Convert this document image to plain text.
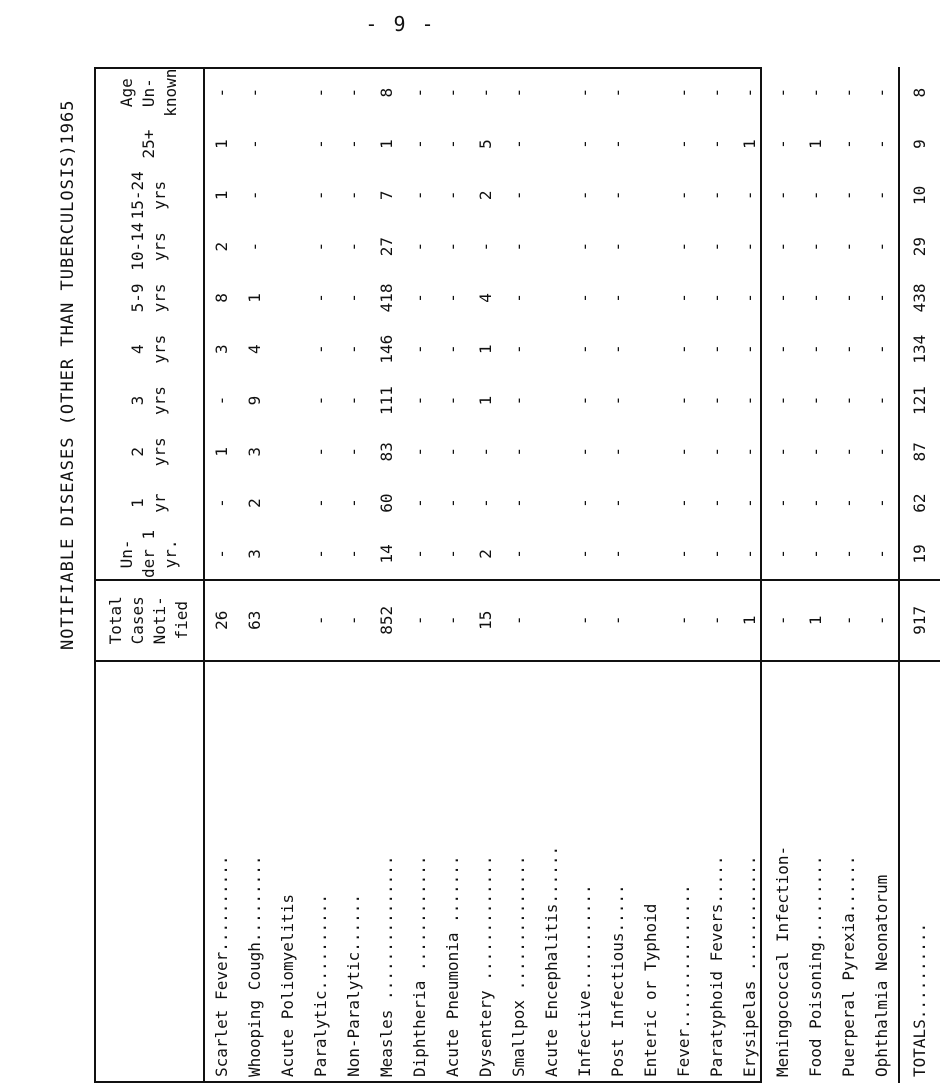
- 9 -
	Total
Cases
Noti-
fied	Un-
der 1
yr.	1
yr	2
yrs	3
yrs	4
yrs	5-9
yrs	10-14
yrs	15-24
yrs	25+	Age Un-
known
Scarlet Fever..........	26	-	-	1	-	3	8	2	1	1	-
Whooping Cough.........	63	3	2	3	9	4	1	-	-	-	-
Acute Poliomyelitis											
Paralytic..........	-	-	-	-	-	-	-	-	-	-	-
Non-Paralytic......	-	-	-	-	-	-	-	-	-	-	-
Measles ...............	852	14	60	83	111	146	418	27	7	1	8
Diphtheria ............	-	-	-	-	-	-	-	-	-	-	-
Acute Pneumonia .......	-	-	-	-	-	-	-	-	-	-	-
Dysentery .............	15	2	-	-	1	1	4	-	2	5	-
Smallpox ..............	-	-	-	-	-	-	-	-	-	-	-
Acute Encephalitis......											
Infective...........	-	-	-	-	-	-	-	-	-	-	-
Post Infectious.....	-	-	-	-	-	-	-	-	-	-	-
Enteric or Typhoid											
Fever...............	-	-	-	-	-	-	-	-	-	-	-
Paratyphoid Fevers.....	-	-	-	-	-	-	-	-	-	-	-
Erysipelas ............	1	-	-	-	-	-	-	-	-	1	-
Meningococcal Infection-	-	-	-	-	-	-	-	-	-	-	-
Food Poisoning.........	1	-	-	-	-	-	-	-	-	1	-
Puerperal Pyrexia......	-	-	-	-	-	-	-	-	-	-	-
Ophthalmia Neonatorum	-	-	-	-	-	-	-	-	-	-	-
TOTALS..........	917	19	62	87	121	134	438	29	10	9	8
NOTIFIABLE DISEASES (OTHER THAN TUBERCULOSIS)1965
